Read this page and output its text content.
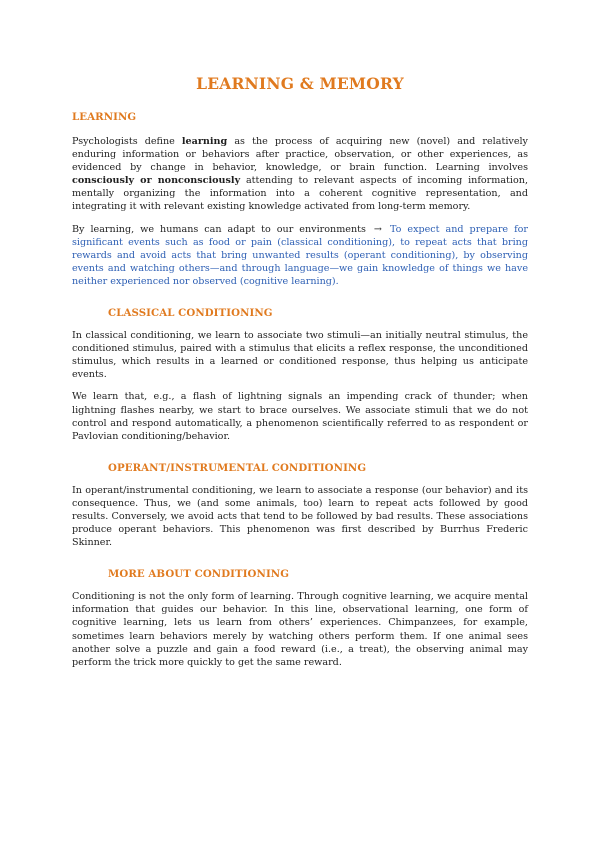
LEARNING & MEMORY
LEARNING

Psychologists define learning as the process of acquiring new (novel) and relatively enduring information or behaviors after practice, observation, or other experiences, as evidenced by change in behavior, knowledge, or brain function. Learning involves consciously or nonconsciously attending to relevant aspects of incoming information, mentally organizing the information into a coherent cognitive representation, and integrating it with relevant existing knowledge activated from long-term memory.

By learning, we humans can adapt to our environments → To expect and prepare for significant events such as food or pain (classical conditioning), to repeat acts that bring rewards and avoid acts that bring unwanted results (operant conditioning), by observing events and watching others—and through language—we gain knowledge of things we have neither experienced nor observed (cognitive learning).

CLASSICAL CONDITIONING

In classical conditioning, we learn to associate two stimuli—an initially neutral stimulus, the conditioned stimulus, paired with a stimulus that elicits a reflex response, the unconditioned stimulus, which results in a learned or conditioned response, thus helping us anticipate events.

We learn that, e.g., a flash of lightning signals an impending crack of thunder; when lightning flashes nearby, we start to brace ourselves. We associate stimuli that we do not control and respond automatically, a phenomenon scientifically referred to as respondent or Pavlovian conditioning/behavior.

OPERANT/INSTRUMENTAL CONDITIONING

In operant/instrumental conditioning, we learn to associate a response (our behavior) and its consequence. Thus, we (and some animals, too) learn to repeat acts followed by good results. Conversely, we avoid acts that tend to be followed by bad results. These associations produce operant behaviors. This phenomenon was first described by Burrhus Frederic Skinner.

MORE ABOUT CONDITIONING

Conditioning is not the only form of learning. Through cognitive learning, we acquire mental information that guides our behavior. In this line, observational learning, one form of cognitive learning, lets us learn from others’ experiences. Chimpanzees, for example, sometimes learn behaviors merely by watching others perform them. If one animal sees another solve a puzzle and gain a food reward (i.e., a treat), the observing animal may perform the trick more quickly to get the same reward.
